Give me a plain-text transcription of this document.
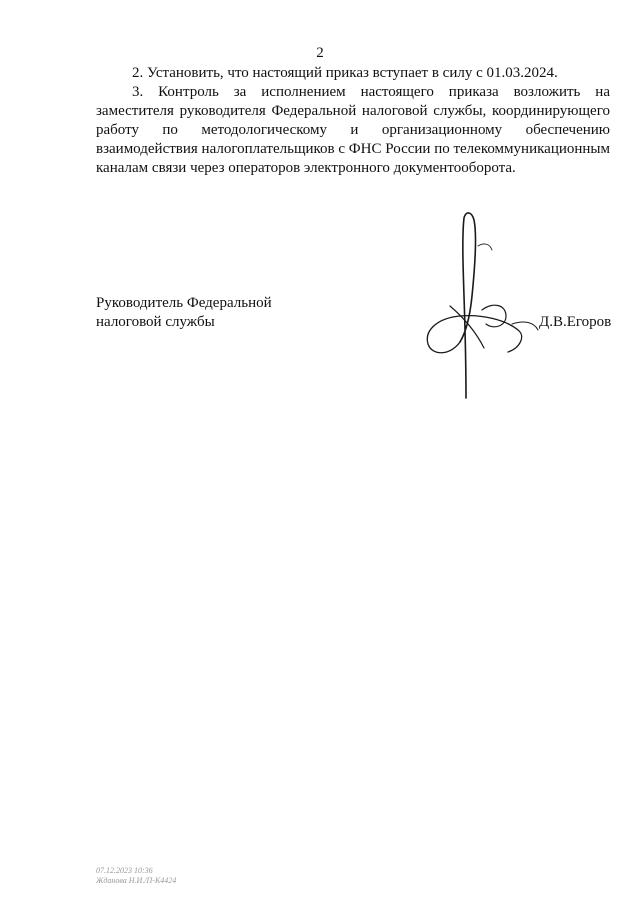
2

2. Установить, что настоящий приказ вступает в силу с 01.03.2024.

3. Контроль за исполнением настоящего приказа возложить на заместителя руководителя Федеральной налоговой службы, координирующего работу по методологическому и организационному обеспечению взаимодействия налогоплательщиков с ФНС России по телекоммуникационным каналам связи через операторов электронного документооборота.

Руководитель Федеральной
налоговой службы	Д.В.Егоров
07.12.2023 10:36
Жданова Н.И./П-К4424
